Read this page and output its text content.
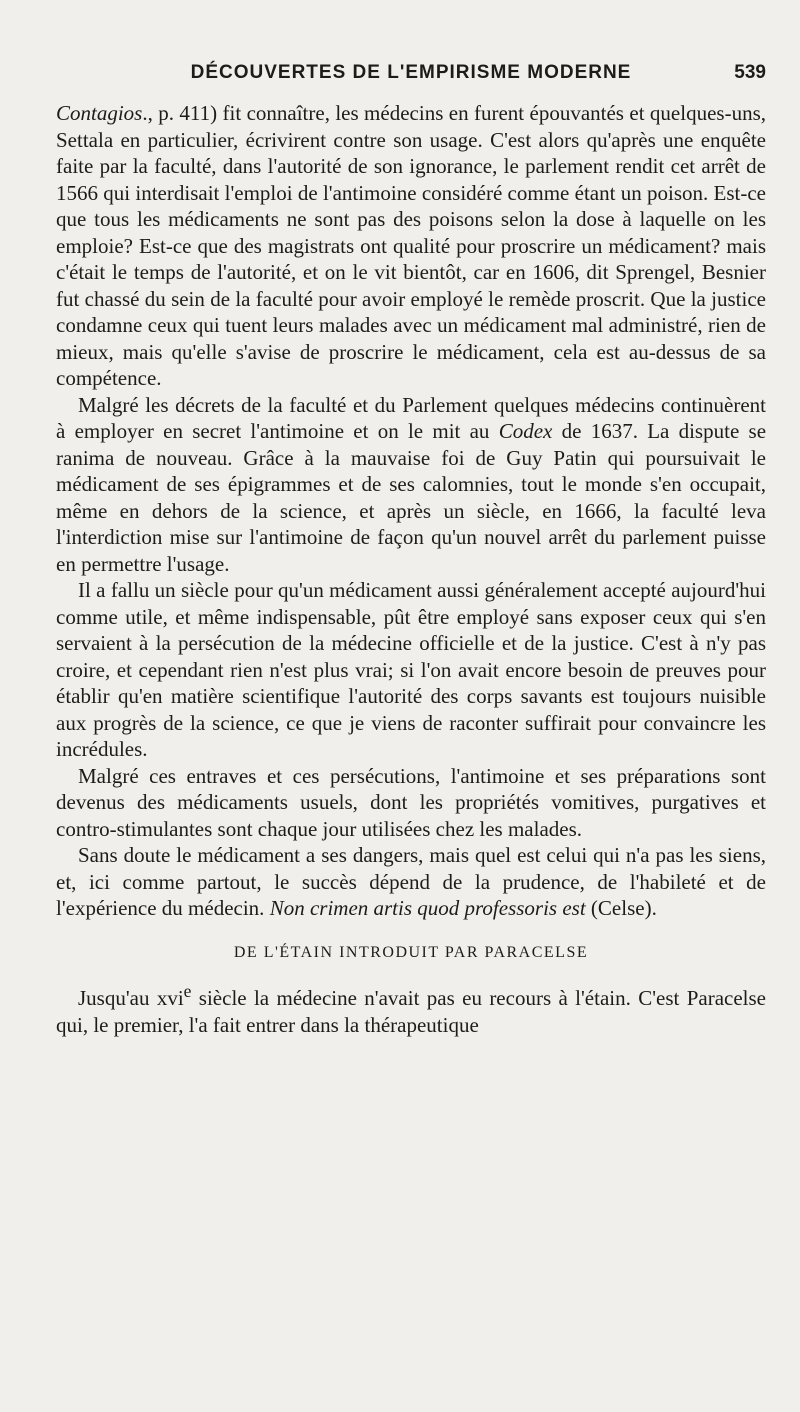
DÉCOUVERTES DE L'EMPIRISME MODERNE	539

Contagios., p. 411) fit connaître, les médecins en furent épouvantés et quelques-uns, Settala en particulier, écrivirent contre son usage. C'est alors qu'après une enquête faite par la faculté, dans l'autorité de son ignorance, le parlement rendit cet arrêt de 1566 qui interdisait l'emploi de l'antimoine considéré comme étant un poison. Est-ce que tous les médicaments ne sont pas des poisons selon la dose à laquelle on les emploie? Est-ce que des magistrats ont qualité pour proscrire un médicament? mais c'était le temps de l'autorité, et on le vit bientôt, car en 1606, dit Sprengel, Besnier fut chassé du sein de la faculté pour avoir employé le remède proscrit. Que la justice condamne ceux qui tuent leurs malades avec un médicament mal administré, rien de mieux, mais qu'elle s'avise de proscrire le médicament, cela est au-dessus de sa compétence.

Malgré les décrets de la faculté et du Parlement quelques médecins continuèrent à employer en secret l'antimoine et on le mit au Codex de 1637. La dispute se ranima de nouveau. Grâce à la mauvaise foi de Guy Patin qui poursuivait le médicament de ses épigrammes et de ses calomnies, tout le monde s'en occupait, même en dehors de la science, et après un siècle, en 1666, la faculté leva l'interdiction mise sur l'antimoine de façon qu'un nouvel arrêt du parlement puisse en permettre l'usage.

Il a fallu un siècle pour qu'un médicament aussi généralement accepté aujourd'hui comme utile, et même indispensable, pût être employé sans exposer ceux qui s'en servaient à la persécution de la médecine officielle et de la justice. C'est à n'y pas croire, et cependant rien n'est plus vrai; si l'on avait encore besoin de preuves pour établir qu'en matière scientifique l'autorité des corps savants est toujours nuisible aux progrès de la science, ce que je viens de raconter suffirait pour convaincre les incrédules.

Malgré ces entraves et ces persécutions, l'antimoine et ses préparations sont devenus des médicaments usuels, dont les propriétés vomitives, purgatives et contro-stimulantes sont chaque jour utilisées chez les malades.

Sans doute le médicament a ses dangers, mais quel est celui qui n'a pas les siens, et, ici comme partout, le succès dépend de la prudence, de l'habileté et de l'expérience du médecin. Non crimen artis quod professoris est (Celse).

DE L'ÉTAIN INTRODUIT PAR PARACELSE

Jusqu'au xvi$^e$ siècle la médecine n'avait pas eu recours à l'étain. C'est Paracelse qui, le premier, l'a fait entrer dans la thérapeutique
